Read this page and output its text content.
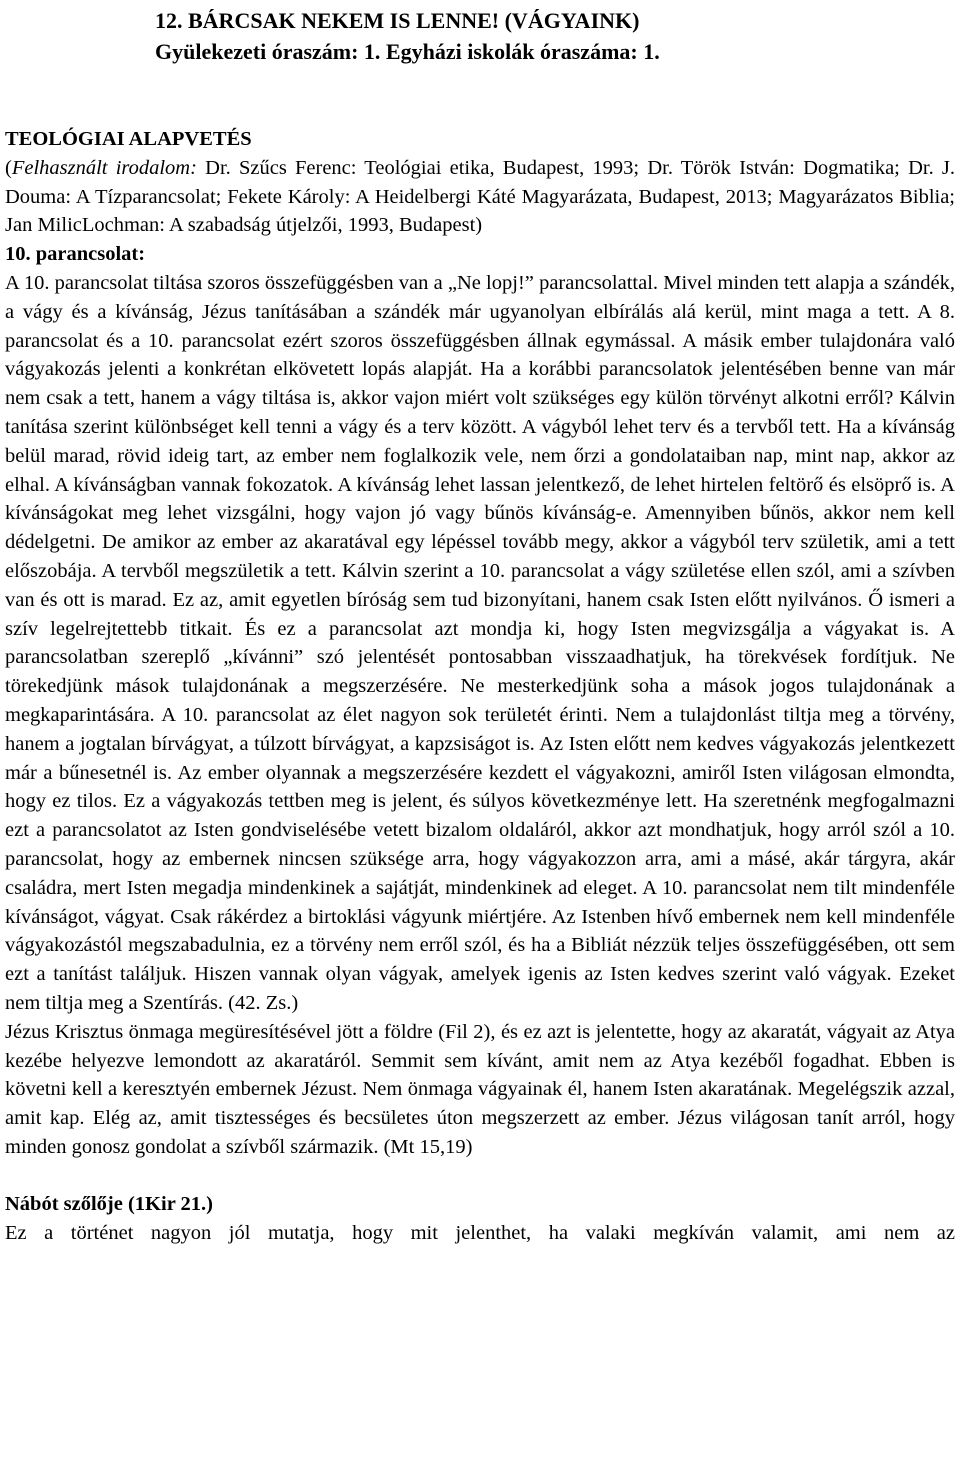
12. BÁRCSAK NEKEM IS LENNE! (VÁGYAINK)
Gyülekezeti óraszám: 1. Egyházi iskolák óraszáma: 1.
TEOLÓGIAI ALAPVETÉS

(Felhasznált irodalom: Dr. Szűcs Ferenc: Teológiai etika, Budapest, 1993; Dr. Török István: Dogmatika; Dr. J. Douma: A Tízparancsolat; Fekete Károly: A Heidelbergi Káté Magyarázata, Budapest, 2013; Magyarázatos Biblia; Jan MilicLochman: A szabadság útjelzői, 1993, Budapest)

10. parancsolat:

A 10. parancsolat tiltása szoros összefüggésben van a „Ne lopj!” parancsolattal. Mivel minden tett alapja a szándék, a vágy és a kívánság, Jézus tanításában a szándék már ugyanolyan elbírálás alá kerül, mint maga a tett. A 8. parancsolat és a 10. parancsolat ezért szoros összefüggésben állnak egymással. A másik ember tulajdonára való vágyakozás jelenti a konkrétan elkövetett lopás alapját. Ha a korábbi parancsolatok jelentésében benne van már nem csak a tett, hanem a vágy tiltása is, akkor vajon miért volt szükséges egy külön törvényt alkotni erről? Kálvin tanítása szerint különbséget kell tenni a vágy és a terv között. A vágyból lehet terv és a tervből tett. Ha a kívánság belül marad, rövid ideig tart, az ember nem foglalkozik vele, nem őrzi a gondolataiban nap, mint nap, akkor az elhal. A kívánságban vannak fokozatok. A kívánság lehet lassan jelentkező, de lehet hirtelen feltörő és elsöprő is. A kívánságokat meg lehet vizsgálni, hogy vajon jó vagy bűnös kívánság-e. Amennyiben bűnös, akkor nem kell dédelgetni. De amikor az ember az akaratával egy lépéssel tovább megy, akkor a vágyból terv születik, ami a tett előszobája. A tervből megszületik a tett. Kálvin szerint a 10. parancsolat a vágy születése ellen szól, ami a szívben van és ott is marad. Ez az, amit egyetlen bíróság sem tud bizonyítani, hanem csak Isten előtt nyilvános. Ő ismeri a szív legelrejtettebb titkait. És ez a parancsolat azt mondja ki, hogy Isten megvizsgálja a vágyakat is. A parancsolatban szereplő „kívánni” szó jelentését pontosabban visszaadhatjuk, ha törekvések fordítjuk. Ne törekedjünk mások tulajdonának a megszerzésére. Ne mesterkedjünk soha a mások jogos tulajdonának a megkaparintására. A 10. parancsolat az élet nagyon sok területét érinti. Nem a tulajdonlást tiltja meg a törvény, hanem a jogtalan bírvágyat, a túlzott bírvágyat, a kapzsiságot is. Az Isten előtt nem kedves vágyakozás jelentkezett már a bűnesetnél is. Az ember olyannak a megszerzésére kezdett el vágyakozni, amiről Isten világosan elmondta, hogy ez tilos. Ez a vágyakozás tettben meg is jelent, és súlyos következménye lett. Ha szeretnénk megfogalmazni ezt a parancsolatot az Isten gondviselésébe vetett bizalom oldaláról, akkor azt mondhatjuk, hogy arról szól a 10. parancsolat, hogy az embernek nincsen szüksége arra, hogy vágyakozzon arra, ami a másé, akár tárgyra, akár családra, mert Isten megadja mindenkinek a sajátját, mindenkinek ad eleget. A 10. parancsolat nem tilt mindenféle kívánságot, vágyat. Csak rákérdez a birtoklási vágyunk miértjére. Az Istenben hívő embernek nem kell mindenféle vágyakozástól megszabadulnia, ez a törvény nem erről szól, és ha a Bibliát nézzük teljes összefüggésében, ott sem ezt a tanítást találjuk. Hiszen vannak olyan vágyak, amelyek igenis az Isten kedves szerint való vágyak. Ezeket nem tiltja meg a Szentírás. (42. Zs.)

Jézus Krisztus önmaga megüresítésével jött a földre (Fil 2), és ez azt is jelentette, hogy az akaratát, vágyait az Atya kezébe helyezve lemondott az akaratáról. Semmit sem kívánt, amit nem az Atya kezéből fogadhat. Ebben is követni kell a keresztyén embernek Jézust. Nem önmaga vágyainak él, hanem Isten akaratának. Megelégszik azzal, amit kap. Elég az, amit tisztességes és becsületes úton megszerzett az ember. Jézus világosan tanít arról, hogy minden gonosz gondolat a szívből származik. (Mt 15,19)

Nábót szőlője (1Kir 21.)

Ez a történet nagyon jól mutatja, hogy mit jelenthet, ha valaki megkíván valamit, ami nem az
